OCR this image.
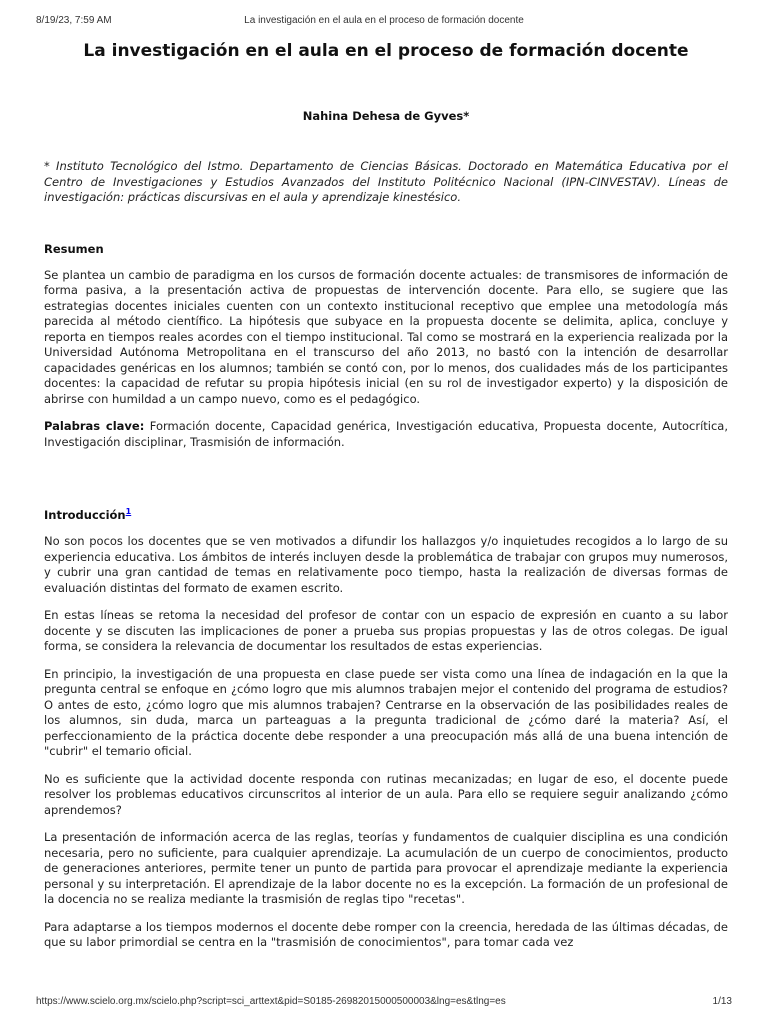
8/19/23, 7:59 AM	La investigación en el aula en el proceso de formación docente
La investigación en el aula en el proceso de formación docente
Nahina Dehesa de Gyves*

* Instituto Tecnológico del Istmo. Departamento de Ciencias Básicas. Doctorado en Matemática Educativa por el Centro de Investigaciones y Estudios Avanzados del Instituto Politécnico Nacional (IPN-CINVESTAV). Líneas de investigación: prácticas discursivas en el aula y aprendizaje kinestésico.

Resumen

Se plantea un cambio de paradigma en los cursos de formación docente actuales: de transmisores de información de forma pasiva, a la presentación activa de propuestas de intervención docente. Para ello, se sugiere que las estrategias docentes iniciales cuenten con un contexto institucional receptivo que emplee una metodología más parecida al método científico. La hipótesis que subyace en la propuesta docente se delimita, aplica, concluye y reporta en tiempos reales acordes con el tiempo institucional. Tal como se mostrará en la experiencia realizada por la Universidad Autónoma Metropolitana en el transcurso del año 2013, no bastó con la intención de desarrollar capacidades genéricas en los alumnos; también se contó con, por lo menos, dos cualidades más de los participantes docentes: la capacidad de refutar su propia hipótesis inicial (en su rol de investigador experto) y la disposición de abrirse con humildad a un campo nuevo, como es el pedagógico.

Palabras clave: Formación docente, Capacidad genérica, Investigación educativa, Propuesta docente, Autocrítica, Investigación disciplinar, Trasmisión de información.

Introducción$^1$

No son pocos los docentes que se ven motivados a difundir los hallazgos y/o inquietudes recogidos a lo largo de su experiencia educativa. Los ámbitos de interés incluyen desde la problemática de trabajar con grupos muy numerosos, y cubrir una gran cantidad de temas en relativamente poco tiempo, hasta la realización de diversas formas de evaluación distintas del formato de examen escrito.

En estas líneas se retoma la necesidad del profesor de contar con un espacio de expresión en cuanto a su labor docente y se discuten las implicaciones de poner a prueba sus propias propuestas y las de otros colegas. De igual forma, se considera la relevancia de documentar los resultados de estas experiencias.

En principio, la investigación de una propuesta en clase puede ser vista como una línea de indagación en la que la pregunta central se enfoque en ¿cómo logro que mis alumnos trabajen mejor el contenido del programa de estudios? O antes de esto, ¿cómo logro que mis alumnos trabajen? Centrarse en la observación de las posibilidades reales de los alumnos, sin duda, marca un parteaguas a la pregunta tradicional de ¿cómo daré la materia? Así, el perfeccionamiento de la práctica docente debe responder a una preocupación más allá de una buena intención de "cubrir" el temario oficial.

No es suficiente que la actividad docente responda con rutinas mecanizadas; en lugar de eso, el docente puede resolver los problemas educativos circunscritos al interior de un aula. Para ello se requiere seguir analizando ¿cómo aprendemos?

La presentación de información acerca de las reglas, teorías y fundamentos de cualquier disciplina es una condición necesaria, pero no suficiente, para cualquier aprendizaje. La acumulación de un cuerpo de conocimientos, producto de generaciones anteriores, permite tener un punto de partida para provocar el aprendizaje mediante la experiencia personal y su interpretación. El aprendizaje de la labor docente no es la excepción. La formación de un profesional de la docencia no se realiza mediante la trasmisión de reglas tipo "recetas".

Para adaptarse a los tiempos modernos el docente debe romper con la creencia, heredada de las últimas décadas, de que su labor primordial se centra en la "trasmisión de conocimientos", para tomar cada vez

https://www.scielo.org.mx/scielo.php?script=sci_arttext&pid=S0185-26982015000500003&lng=es&tlng=es	1/13
